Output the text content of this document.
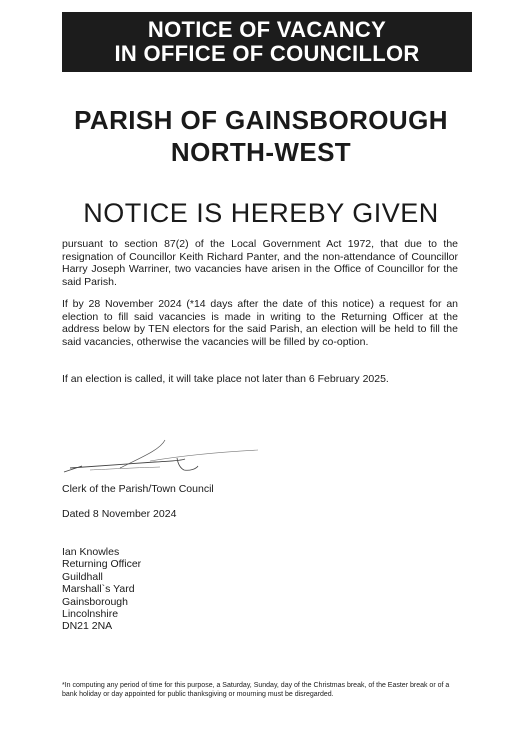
NOTICE OF VACANCY
IN OFFICE OF COUNCILLOR
PARISH OF GAINSBOROUGH
NORTH-WEST
NOTICE IS HEREBY GIVEN

pursuant to section 87(2) of the Local Government Act 1972, that due to the resignation of Councillor Keith Richard Panter, and the non-attendance of Councillor Harry Joseph Warriner, two vacancies have arisen in the Office of Councillor for the said Parish.

If by 28 November 2024 (*14 days after the date of this notice) a request for an election to fill said vacancies is made in writing to the Returning Officer at the address below by TEN electors for the said Parish, an election will be held to fill the said vacancies, otherwise the vacancies will be filled by co-option.

If an election is called, it will take place not later than 6 February 2025.

Clerk of the Parish/Town Council
Dated 8 November 2024
Ian Knowles
Returning Officer
Guildhall
Marshall`s Yard
Gainsborough
Lincolnshire
DN21 2NA
*In computing any period of time for this purpose, a Saturday, Sunday, day of the Christmas break, of the Easter break or of a bank holiday or day appointed for public thanksgiving or mourning must be disregarded.
